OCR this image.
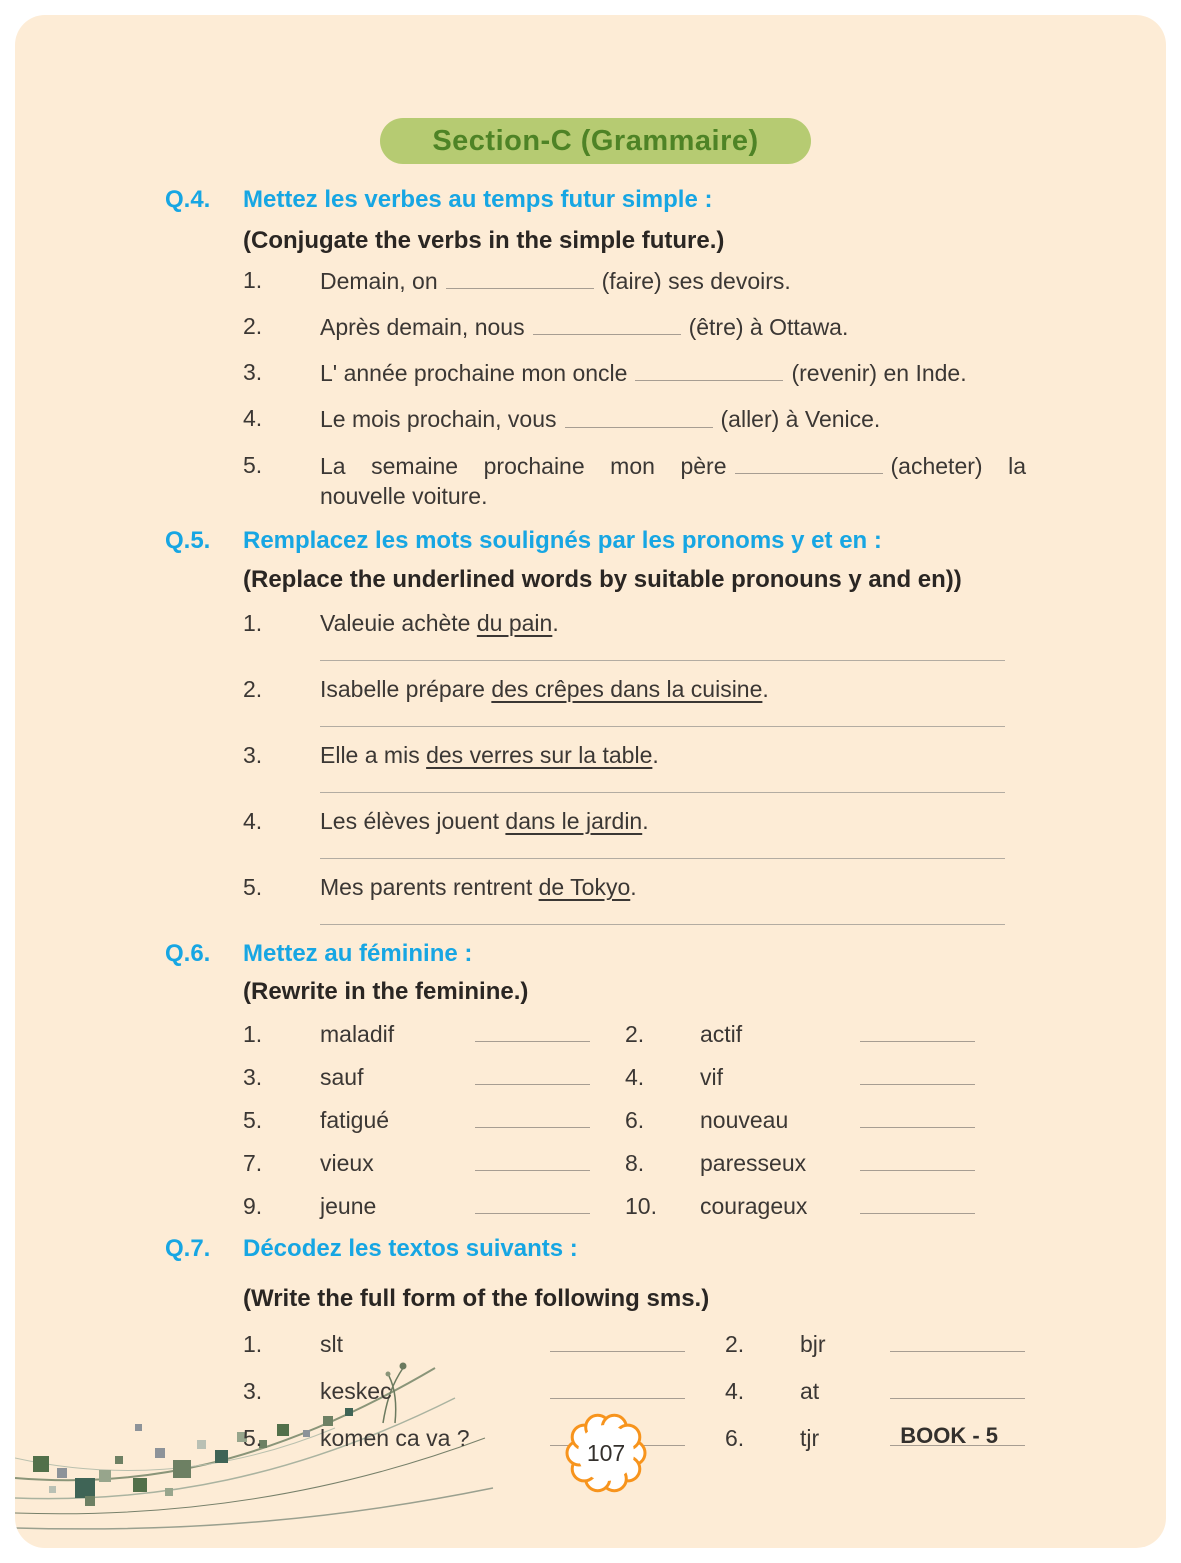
Section-C (Grammaire)
Q.4.	Mettez les verbes au temps futur simple :
(Conjugate the verbs in the simple future.)
1.	Demain, on	(faire) ses devoirs.
2.	Après demain, nous	(être) à Ottawa.
3.	L' année prochaine mon oncle	(revenir) en Inde.
4.	Le mois prochain, vous	(aller) à Venice.
5.	La semaine prochaine mon père	(acheter) la nouvelle voiture.
Q.5.	Remplacez les mots soulignés par les pronoms y et en :
(Replace the underlined words by suitable pronouns y and en))
1.	Valeuie achète du pain.
2.	Isabelle prépare des crêpes dans la cuisine.
3.	Elle a mis des verres sur la table.
4.	Les élèves jouent dans le jardin.
5.	Mes parents rentrent de Tokyo.
Q.6.	Mettez au féminine :
(Rewrite in the feminine.)
1.	maladif	2.	actif
3.	sauf	4.	vif
5.	fatigué	6.	nouveau
7.	vieux	8.	paresseux
9.	jeune	10.	courageux
Q.7.	Décodez les textos suivants :
(Write the full form of the following sms.)
1.	slt	2.	bjr
3.	keskec	4.	at
5.	komen ca va ?	6.	tjr
107
BOOK - 5
